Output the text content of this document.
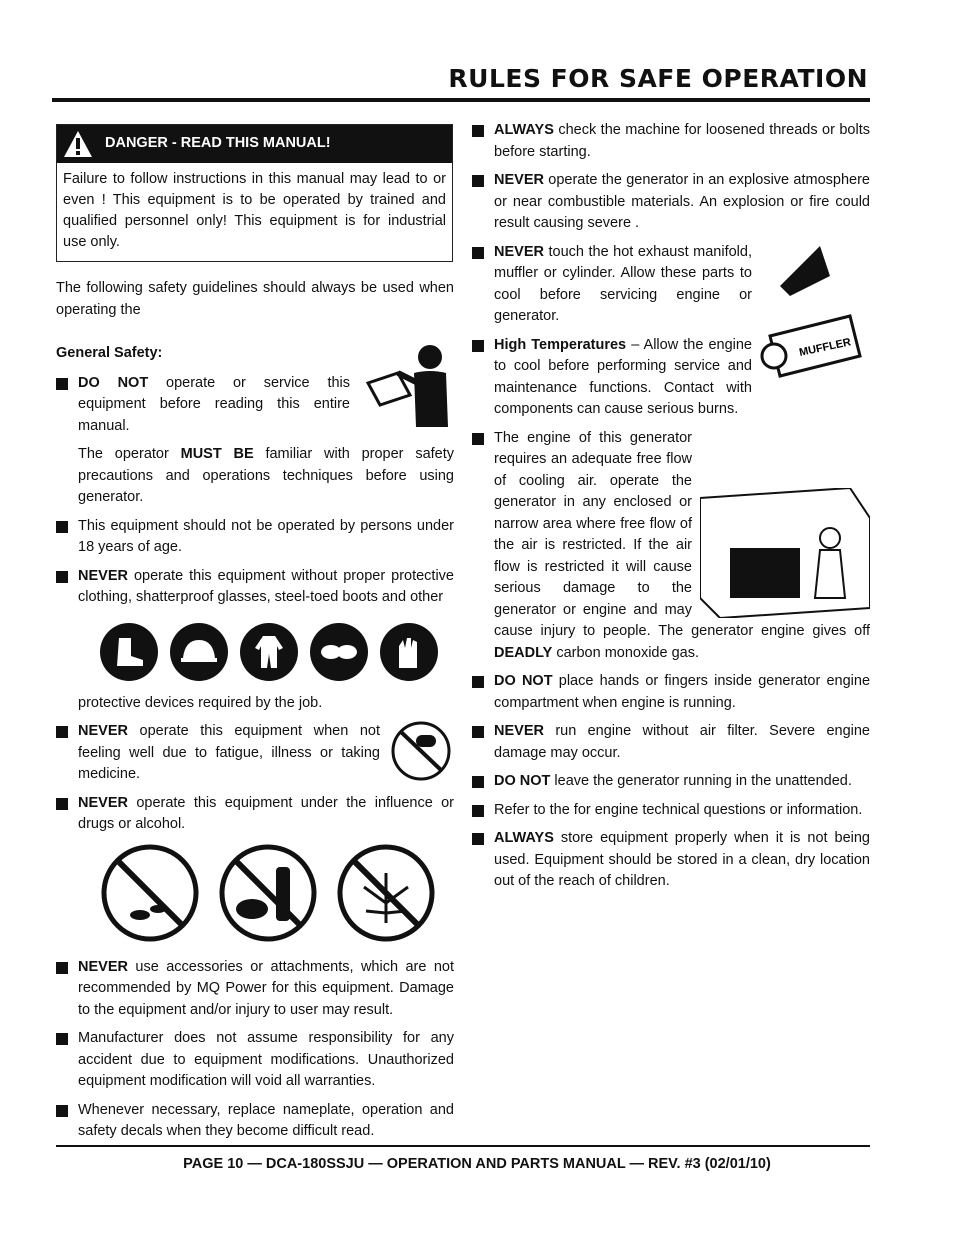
RULES FOR SAFE OPERATION
DANGER - READ THIS MANUAL!
Failure to follow instructions in this manual may lead to or even ! This equipment is to be operated by trained and qualified personnel only! This equipment is for industrial use only.

The following safety guidelines should always be used when operating the

General Safety:
DO NOT operate or service this equipment before reading this entire manual.
The operator MUST BE familiar with proper safety precautions and operations techniques before using generator.
This equipment should not be operated by persons under 18 years of age.
NEVER operate this equipment without proper protective clothing, shatterproof glasses, steel-toed boots and other
protective devices required by the job.
NEVER operate this equipment when not feeling well due to fatigue, illness or taking medicine.
NEVER operate this equipment under the influence or drugs or alcohol.
NEVER use accessories or attachments, which are not recommended by MQ Power for this equipment. Damage to the equipment and/or injury to user may result.
Manufacturer does not assume responsibility for any accident due to equipment modifications. Unauthorized equipment modification will void all warranties.
Whenever necessary, replace nameplate, operation and safety decals when they become difficult read.
ALWAYS check the machine for loosened threads or bolts before starting.
NEVER operate the generator in an explosive atmosphere or near combustible materials. An explosion or fire could result causing severe .
MUFFLER
NEVER touch the hot exhaust manifold, muffler or cylinder. Allow these parts to cool before servicing engine or generator.
High Temperatures – Allow the engine to cool before performing service and maintenance functions. Contact with components can cause serious burns.
The engine of this generator requires an adequate free flow of cooling air. operate the generator in any enclosed or narrow area where free flow of the air is restricted. If the air flow is restricted it will cause serious damage to the generator or engine and may cause injury to people. The generator engine gives off DEADLY carbon monoxide gas.
DO NOT place hands or fingers inside generator engine compartment when engine is running.
NEVER run engine without air filter. Severe engine damage may occur.
DO NOT leave the generator running in the unattended.
Refer to the for engine technical questions or information.
ALWAYS store equipment properly when it is not being used. Equipment should be stored in a clean, dry location out of the reach of children.
PAGE 10 — DCA-180SSJU — OPERATION AND PARTS MANUAL — REV. #3 (02/01/10)
